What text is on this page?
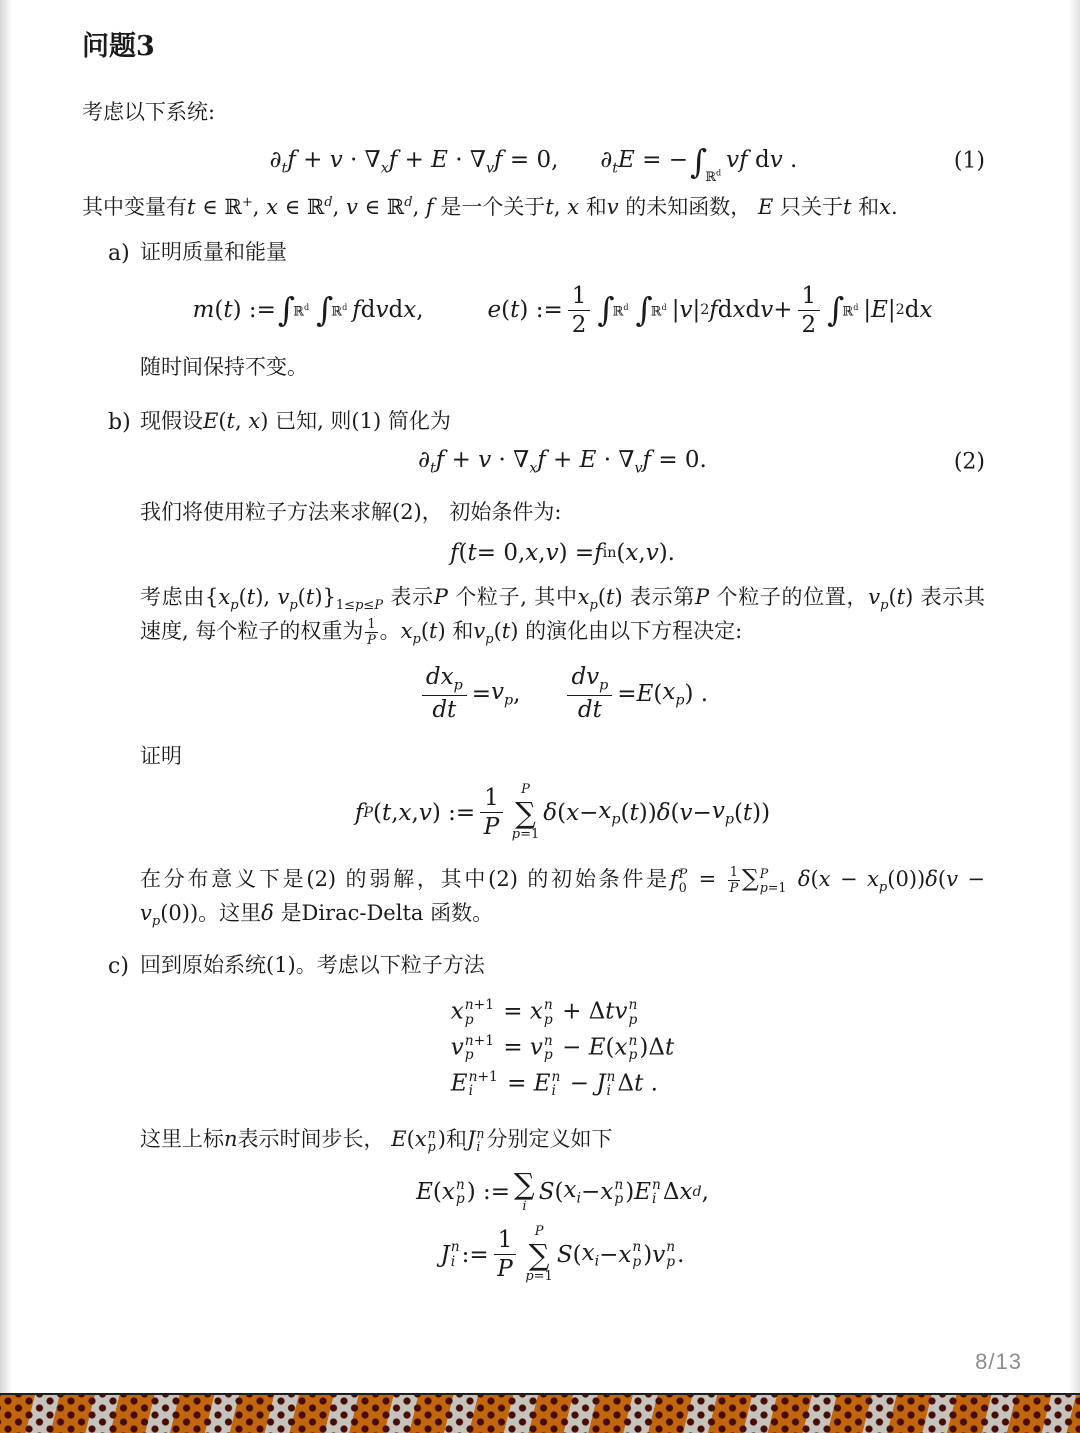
问题3

考虑以下系统:

$\partial_tf + v \cdot \nabla_xf + E \cdot \nabla_vf = 0$, $\partial_tE = -\int_{ℝ^d}vf$ dv .	(1)

其中变量有t ∈ ℝ+, x ∈ ℝ$^d$, v ∈ ℝ$^d$, f 是一个关于t, x 和v 的未知函数， E 只关于t 和x.

a) 证明质量和能量

m ( t ) := ∫
ℝ$^d$ ∫
ℝ$^d$ f d v d x ,	e ( t ) := $\frac{1}{2}$ ∫
ℝ$^d$ ∫
ℝ$^d$ | v | 2 f d x d $v + \frac{1}{2}$ ∫
ℝ$^d$ | E | 2 d x

随时间保持不变。

b) 现假设E(t, x) 已知, 则(1) 简化为

$\partial_tf + v \cdot \nabla_xf + E \cdot \nabla_vf = 0$.	(2)

我们将使用粒子方法来求解(2)， 初始条件为:

f ( t = 0, x , v ) = f in ( x , v ).

考虑由{$x_p(t)$, $v_p(t)\}_{1\le p\le P}$ 表示P 个粒子, 其中$x_p(t)$ 表示第P 个粒子的位置，$v_p(t)$ 表示其速度, 每个粒子的权重为 $\frac{1}{P}$ 。$x_p(t)$ 和$v_p(t)$ 的演化由以下方程决定:

$\frac{dx_p}{dt} = v_p$ , $\frac{dv_p}{dt} = E$ ( $x_p$ ) .

证明

f P ( t , x , v ) := $\frac{1}{P}$ P
∑
p=1
δ ( $x - x_p$ ( t )) δ ( $v - v_p$ ( t ))

在分布意义下是(2) 的弱解，其中(2) 的初始条件是f P
$0 = \frac{1}{P}$ ∑ P
p=1 $\delta(x - x_p(0))\delta(v - v_p(0))$。这里δ 是Dirac-Delta 函数。

c) 回到原始系统(1)。考虑以下粒子方法

x n+1
p = x n
p + Δtv n
p
v n+1
p = v n
p − E(x n
p )Δt
E n+1
i = E n
i − J n
i Δt .

这里上标n表示时间步长， E(x n
p )和J n
i 分别定义如下

E ( x n
p ) := ∑
i
S ( $x_i - x$ n
p ) E n
i Δ x d ,
J n
i := $\frac{1}{P}$ P
∑
p=1
S ( $x_i - x$ n
p ) v n
p .
8/13
